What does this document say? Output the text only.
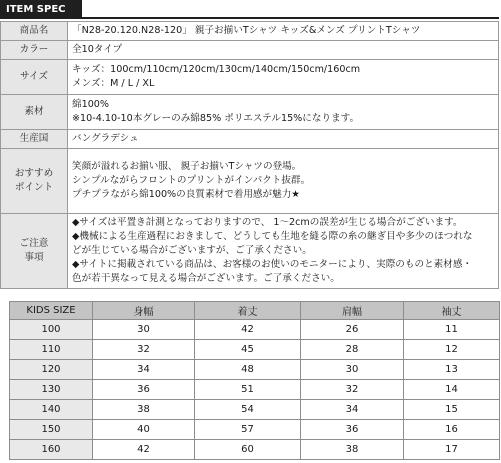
ITEM SPEC
商品名	「N28-20.120.N28-120」 親子お揃いTシャツ キッズ&メンズ プリントTシャツ
カラー	全10タイプ
サイズ	キッズ：100cm/110cm/120cm/130cm/140cm/150cm/160cm
メンズ：M / L / XL

素材	綿100%
※10-4.10-10本グレーのみ綿85% ポリエステル15%になります。

生産国	バングラデシュ

おすすめ
ポイント	笑顔が溢れるお揃い服、 親子お揃いTシャツの登場。
シンプルながらフロントのプリントがインパクト抜群。
プチプラながら綿100%の良質素材で着用感が魅力★

ご注意
事項	◆サイズは平置き計測となっておりますので、 1～2cmの誤差が生じる場合がございます。
◆機械による生産過程におきまして、どうしても生地を縫る際の糸の継ぎ目や多少のほつれな
どが生じている場合がございますが、ご了承ください。
◆サイトに掲載されている商品は、お客様のお使いのモニターにより、実際のものと素材感・
色が若干異なって見える場合がございます。ご了承ください。
KIDS SIZE	身幅	着丈	肩幅	袖丈
100	30	42	26	11
110	32	45	28	12
120	34	48	30	13
130	36	51	32	14
140	38	54	34	15
150	40	57	36	16
160	42	60	38	17
